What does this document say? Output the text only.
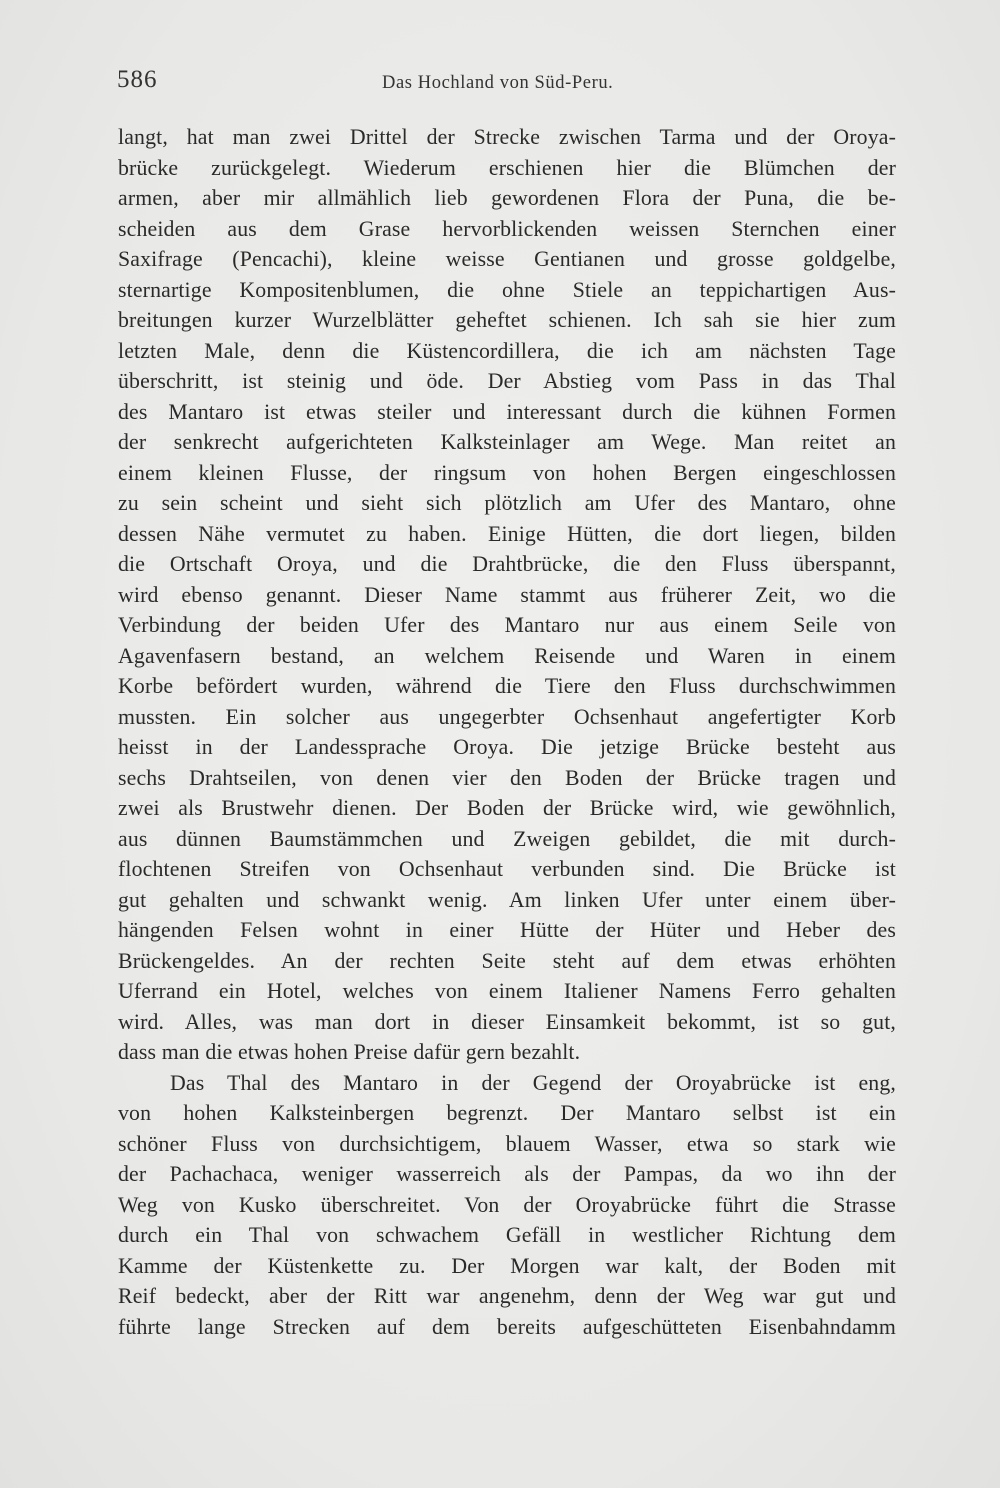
586	Das Hochland von Süd-Peru.
langt, hat man zwei Drittel der Strecke zwischen Tarma und der Oroya-
brücke zurückgelegt. Wiederum erschienen hier die Blümchen der
armen, aber mir allmählich lieb gewordenen Flora der Puna, die be-
scheiden aus dem Grase hervorblickenden weissen Sternchen einer
Saxifrage (Pencachi), kleine weisse Gentianen und grosse goldgelbe,
sternartige Kompositenblumen, die ohne Stiele an teppichartigen Aus-
breitungen kurzer Wurzelblätter geheftet schienen. Ich sah sie hier zum
letzten Male, denn die Küstencordillera, die ich am nächsten Tage
überschritt, ist steinig und öde. Der Abstieg vom Pass in das Thal
des Mantaro ist etwas steiler und interessant durch die kühnen Formen
der senkrecht aufgerichteten Kalksteinlager am Wege. Man reitet an
einem kleinen Flusse, der ringsum von hohen Bergen eingeschlossen
zu sein scheint und sieht sich plötzlich am Ufer des Mantaro, ohne
dessen Nähe vermutet zu haben. Einige Hütten, die dort liegen, bilden
die Ortschaft Oroya, und die Drahtbrücke, die den Fluss überspannt,
wird ebenso genannt. Dieser Name stammt aus früherer Zeit, wo die
Verbindung der beiden Ufer des Mantaro nur aus einem Seile von
Agavenfasern bestand, an welchem Reisende und Waren in einem
Korbe befördert wurden, während die Tiere den Fluss durchschwimmen
mussten. Ein solcher aus ungegerbter Ochsenhaut angefertigter Korb
heisst in der Landessprache Oroya. Die jetzige Brücke besteht aus
sechs Drahtseilen, von denen vier den Boden der Brücke tragen und
zwei als Brustwehr dienen. Der Boden der Brücke wird, wie gewöhnlich,
aus dünnen Baumstämmchen und Zweigen gebildet, die mit durch-
flochtenen Streifen von Ochsenhaut verbunden sind. Die Brücke ist
gut gehalten und schwankt wenig. Am linken Ufer unter einem über-
hängenden Felsen wohnt in einer Hütte der Hüter und Heber des
Brückengeldes. An der rechten Seite steht auf dem etwas erhöhten
Uferrand ein Hotel, welches von einem Italiener Namens Ferro gehalten
wird. Alles, was man dort in dieser Einsamkeit bekommt, ist so gut,
dass man die etwas hohen Preise dafür gern bezahlt.
Das Thal des Mantaro in der Gegend der Oroyabrücke ist eng,
von hohen Kalksteinbergen begrenzt. Der Mantaro selbst ist ein
schöner Fluss von durchsichtigem, blauem Wasser, etwa so stark wie
der Pachachaca, weniger wasserreich als der Pampas, da wo ihn der
Weg von Kusko überschreitet. Von der Oroyabrücke führt die Strasse
durch ein Thal von schwachem Gefäll in westlicher Richtung dem
Kamme der Küstenkette zu. Der Morgen war kalt, der Boden mit
Reif bedeckt, aber der Ritt war angenehm, denn der Weg war gut und
führte lange Strecken auf dem bereits aufgeschütteten Eisenbahndamm
